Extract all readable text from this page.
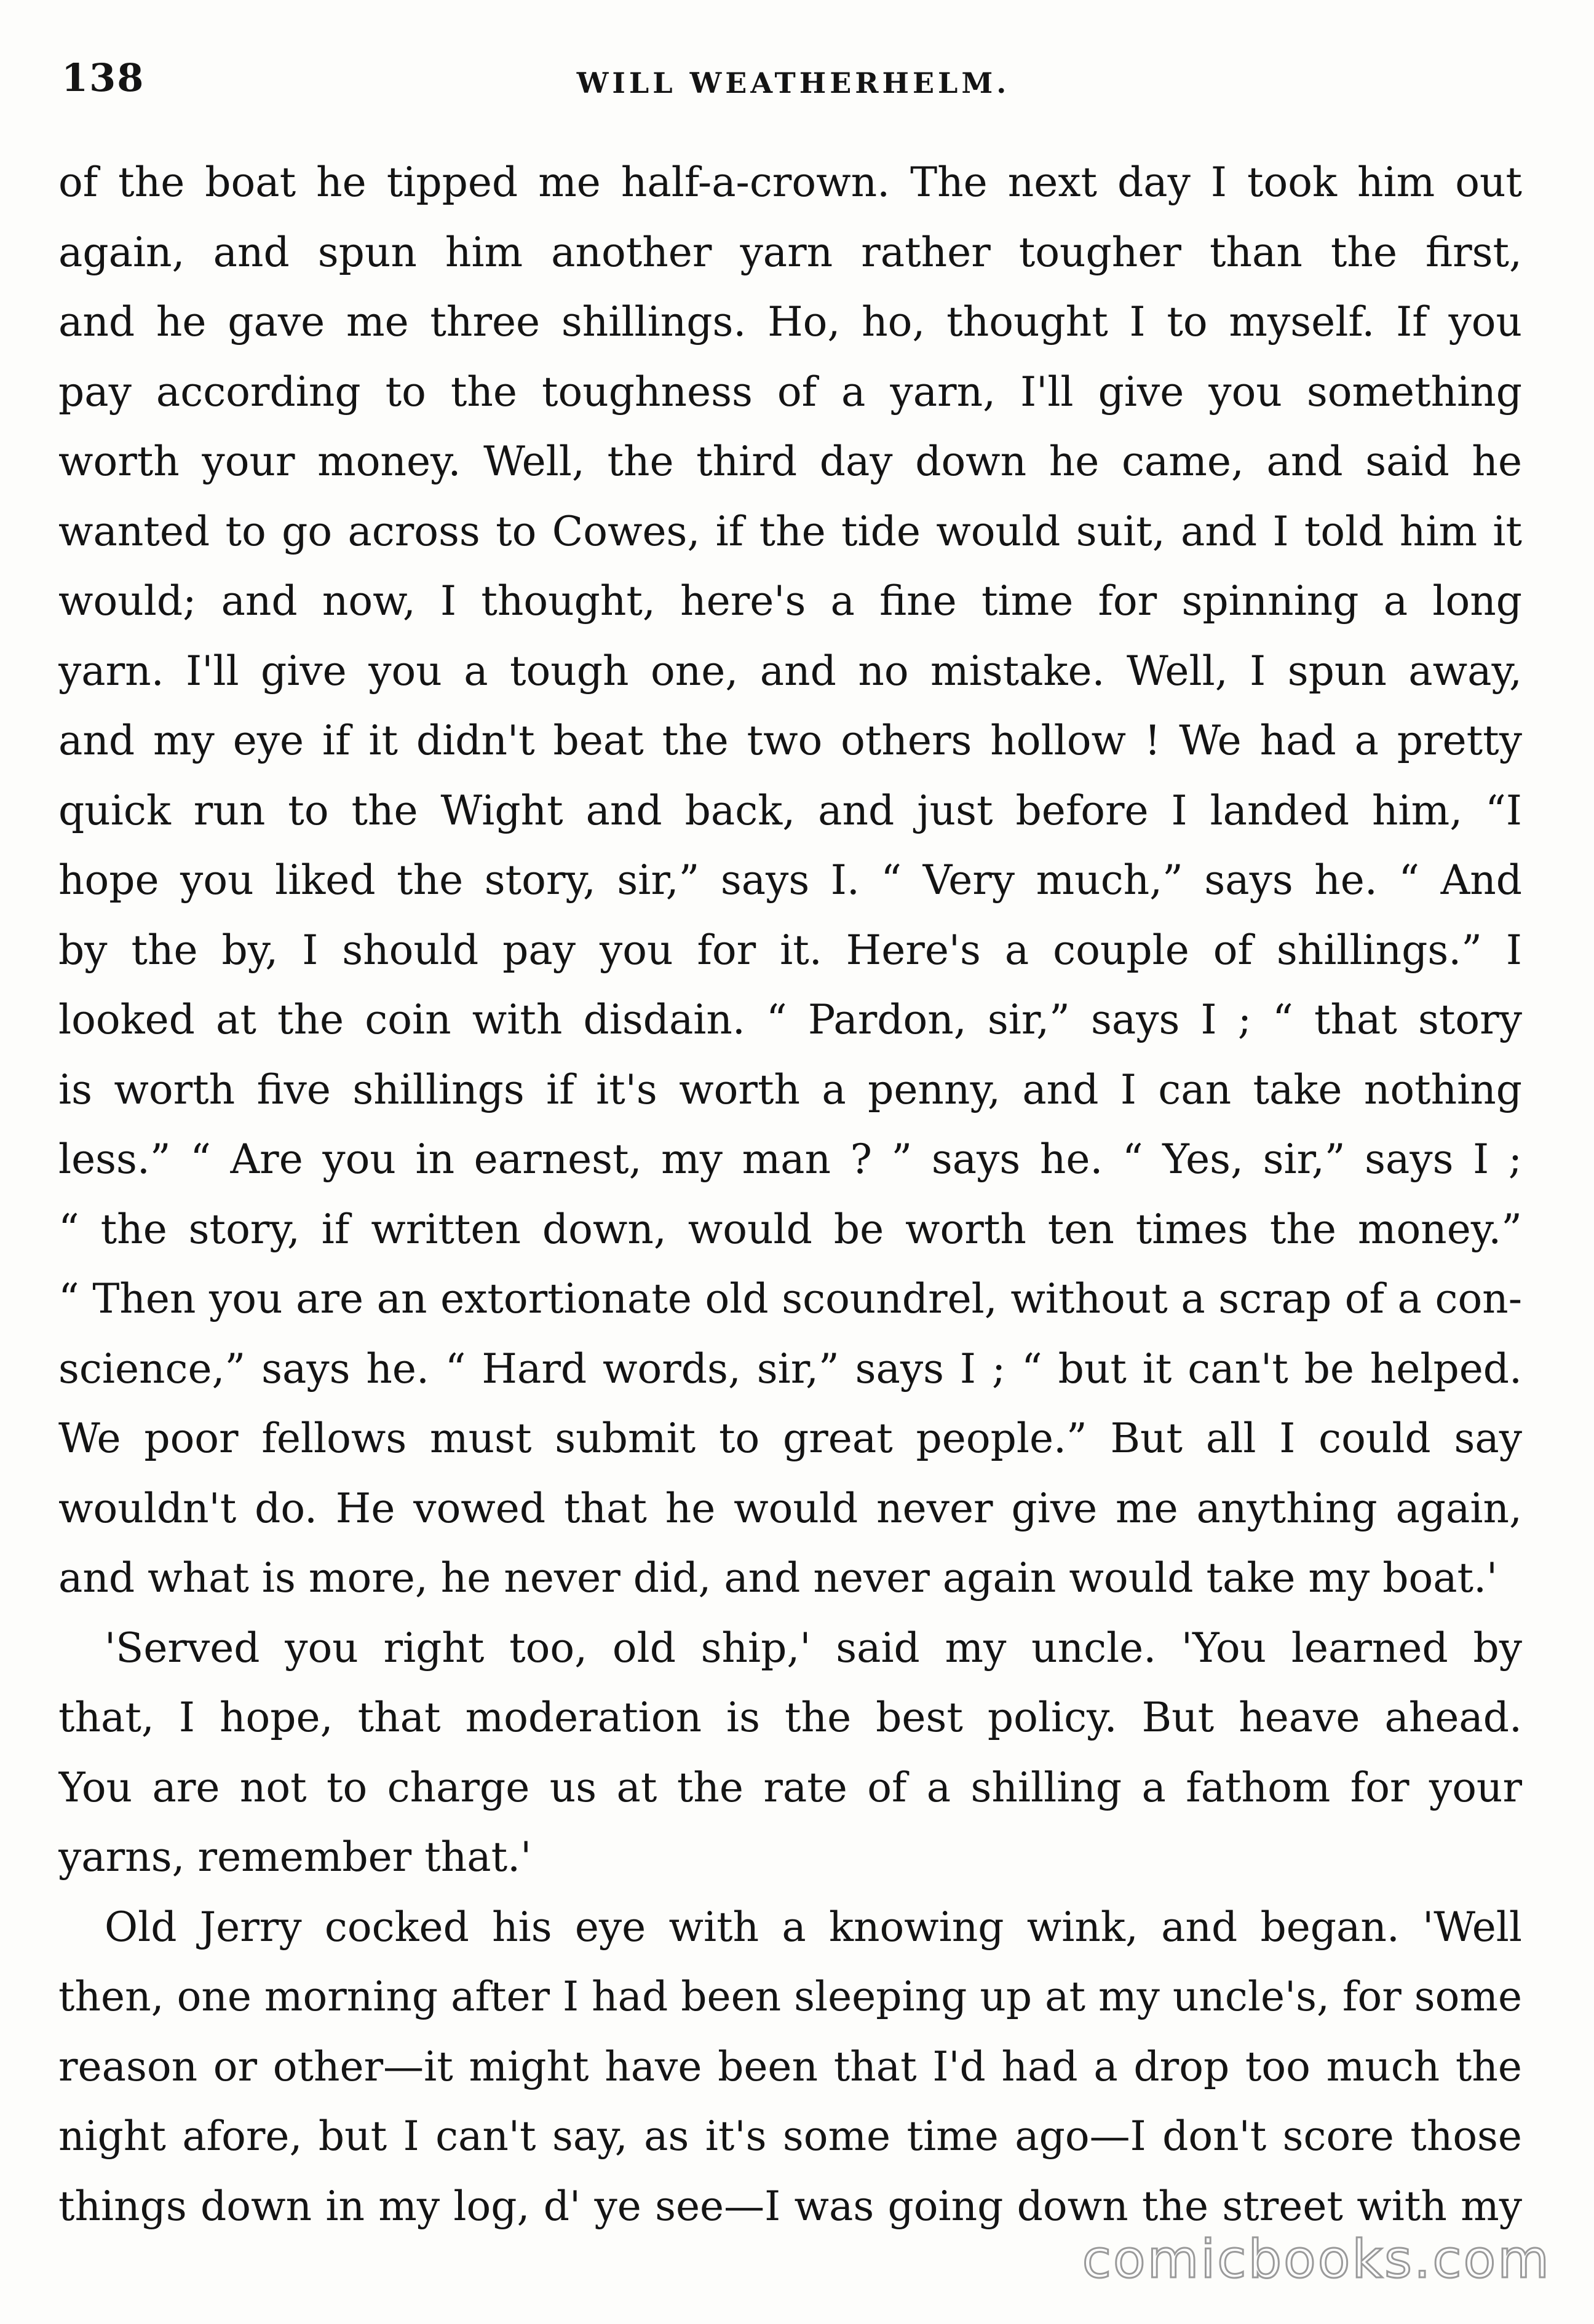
138	WILL WEATHERHELM.
of the boat he tipped me half-a-crown. The next day I took him out
again, and spun him another yarn rather tougher than the first,
and he gave me three shillings. Ho, ho, thought I to myself. If you
pay according to the toughness of a yarn, I'll give you something
worth your money. Well, the third day down he came, and said he
wanted to go across to Cowes, if the tide would suit, and I told him it
would; and now, I thought, here's a fine time for spinning a long
yarn. I'll give you a tough one, and no mistake. Well, I spun away,
and my eye if it didn't beat the two others hollow ! We had a pretty
quick run to the Wight and back, and just before I landed him, “I
hope you liked the story, sir,” says I. “ Very much,” says he. “ And
by the by, I should pay you for it. Here's a couple of shillings.” I
looked at the coin with disdain. “ Pardon, sir,” says I ; “ that story
is worth five shillings if it's worth a penny, and I can take nothing
less.” “ Are you in earnest, my man ? ” says he. “ Yes, sir,” says I ;
“ the story, if written down, would be worth ten times the money.”
“ Then you are an extortionate old scoundrel, without a scrap of a con-
science,” says he. “ Hard words, sir,” says I ; “ but it can't be helped.
We poor fellows must submit to great people.” But all I could say
wouldn't do. He vowed that he would never give me anything again,
and what is more, he never did, and never again would take my boat.'
'Served you right too, old ship,' said my uncle. 'You learned by
that, I hope, that moderation is the best policy. But heave ahead.
You are not to charge us at the rate of a shilling a fathom for your
yarns, remember that.'
Old Jerry cocked his eye with a knowing wink, and began. 'Well
then, one morning after I had been sleeping up at my uncle's, for some
reason or other—it might have been that I'd had a drop too much the
night afore, but I can't say, as it's some time ago—I don't score those
things down in my log, d' ye see—I was going down the street with my
comicbooks.com
